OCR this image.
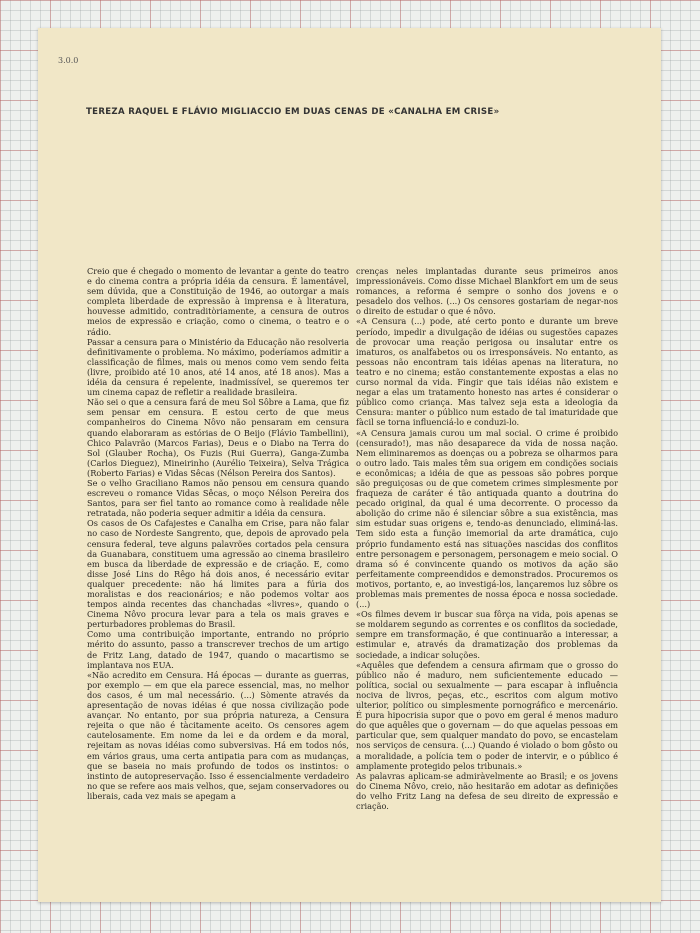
3.0.0
TEREZA RAQUEL E FLÁVIO MIGLIACCIO EM DUAS CENAS DE «CANALHA EM CRISE»

Creio que é chegado o momento de levantar a gente do teatro e do cinema contra a própria idéia da censura. É lamentável, sem dúvida, que a Constituição de 1946, ao outorgar a mais completa liberdade de expressão à imprensa e à literatura, houvesse admitido, contraditòriamente, a censura de outros meios de expressão e criação, como o cinema, o teatro e o rádio.

Passar a censura para o Ministério da Educação não resolveria definitivamente o problema. No máximo, poderíamos admitir a classificação de filmes, mais ou menos como vem sendo feita (livre, proibido até 10 anos, até 14 anos, até 18 anos). Mas a idéia da censura é repelente, inadmissível, se queremos ter um cinema capaz de refletir a realidade brasileira.

Não sei o que a censura fará de meu Sol Sôbre a Lama, que fiz sem pensar em censura. E estou certo de que meus companheiros do Cinema Nôvo não pensaram em censura quando elaboraram as estórias de O Beijo (Flávio Tambellini), Chico Palavrão (Marcos Farias), Deus e o Diabo na Terra do Sol (Glauber Rocha), Os Fuzis (Rui Guerra), Ganga-Zumba (Carlos Dieguez), Mineirinho (Aurélio Teixeira), Selva Trágica (Roberto Farias) e Vidas Sêcas (Nélson Pereira dos Santos).

Se o velho Graciliano Ramos não pensou em censura quando escreveu o romance Vidas Sêcas, o moço Nélson Pereira dos Santos, para ser fiel tanto ao romance como à realidade nêle retratada, não poderia sequer admitir a idéia da censura.

Os casos de Os Cafajestes e Canalha em Crise, para não falar no caso de Nordeste Sangrento, que, depois de aprovado pela censura federal, teve alguns palavrões cortados pela censura da Guanabara, constituem uma agressão ao cinema brasileiro em busca da liberdade de expressão e de criação. E, como disse José Lins do Rêgo há dois anos, é necessário evitar qualquer precedente: não há limites para a fúria dos moralistas e dos reacionários; e não podemos voltar aos tempos ainda recentes das chanchadas «livres», quando o Cinema Nôvo procura levar para a tela os mais graves e perturbadores problemas do Brasil.

Como uma contribuição importante, entrando no próprio mérito do assunto, passo a transcrever trechos de um artigo de Fritz Lang, datado de 1947, quando o macartismo se implantava nos EUA.

«Não acredito em Censura. Há épocas — durante as guerras, por exemplo — em que ela parece essencial, mas, no melhor dos casos, é um mal necessário. (...) Sòmente através da apresentação de novas idéias é que nossa civilização pode avançar. No entanto, por sua própria natureza, a Censura rejeita o que não é tàcitamente aceito. Os censores agem cautelosamente. Em nome da lei e da ordem e da moral, rejeitam as novas idéias como subversivas. Há em todos nós, em vários graus, uma certa antipatia para com as mudanças, que se baseia no mais profundo de todos os instintos: o instinto de autopreservação. Isso é essencialmente verdadeiro no que se refere aos mais velhos, que, sejam conservadores ou liberais, cada vez mais se apegam a

crenças neles implantadas durante seus primeiros anos impressionáveis. Como disse Michael Blankfort em um de seus romances, a reforma é sempre o sonho dos jovens e o pesadelo dos velhos. (...) Os censores gostariam de negar-nos o direito de estudar o que é nôvo.

«A Censura (...) pode, até certo ponto e durante um breve período, impedir a divulgação de idéias ou sugestões capazes de provocar uma reação perigosa ou insalutar entre os imaturos, os analfabetos ou os irresponsáveis. No entanto, as pessoas não encontram tais idéias apenas na literatura, no teatro e no cinema; estão constantemente expostas a elas no curso normal da vida. Fingir que tais idéias não existem e negar a elas um tratamento honesto nas artes é considerar o público como criança. Mas talvez seja esta a ideologia da Censura: manter o público num estado de tal imaturidade que fàcil se torna influenciá-lo e conduzi-lo.

«A Censura jamais curou um mal social. O crime é proibido (censurado!), mas não desaparece da vida de nossa nação. Nem eliminaremos as doenças ou a pobreza se olharmos para o outro lado. Tais males têm sua origem em condições sociais e econômicas; a idéia de que as pessoas são pobres porque são preguiçosas ou de que cometem crimes simplesmente por fraqueza de caráter é tão antiquada quanto a doutrina do pecado original, da qual é uma decorrente. O processo da abolição do crime não é silenciar sôbre a sua existência, mas sim estudar suas origens e, tendo-as denunciado, eliminá-las. Tem sido esta a função imemorial da arte dramática, cujo próprio fundamento está nas situações nascidas dos conflitos entre personagem e personagem, personagem e meio social. O drama só é convincente quando os motivos da ação são perfeitamente compreendidos e demonstrados. Procuremos os motivos, portanto, e, ao investigá-los, lançaremos luz sôbre os problemas mais prementes de nossa época e nossa sociedade. (...)

«Os filmes devem ir buscar sua fôrça na vida, pois apenas se se moldarem segundo as correntes e os conflitos da sociedade, sempre em transformação, é que continuarão a interessar, a estimular e, através da dramatização dos problemas da sociedade, a indicar soluções.

«Aquêles que defendem a censura afirmam que o grosso do público não é maduro, nem suficientemente educado — política, social ou sexualmente — para escapar à influência nociva de livros, peças, etc., escritos com algum motivo ulterior, político ou simplesmente pornográfico e mercenário. É pura hipocrisia supor que o povo em geral é menos maduro do que aquêles que o governam — do que aquelas pessoas em particular que, sem qualquer mandato do povo, se encastelam nos serviços de censura. (...) Quando é violado o bom gôsto ou a moralidade, a polícia tem o poder de intervir, e o público é amplamente protegido pelos tribunais.»

As palavras aplicam-se admiràvelmente ao Brasil; e os jovens do Cinema Nôvo, creio, não hesitarão em adotar as definições do velho Fritz Lang na defesa de seu direito de expressão e criação.
